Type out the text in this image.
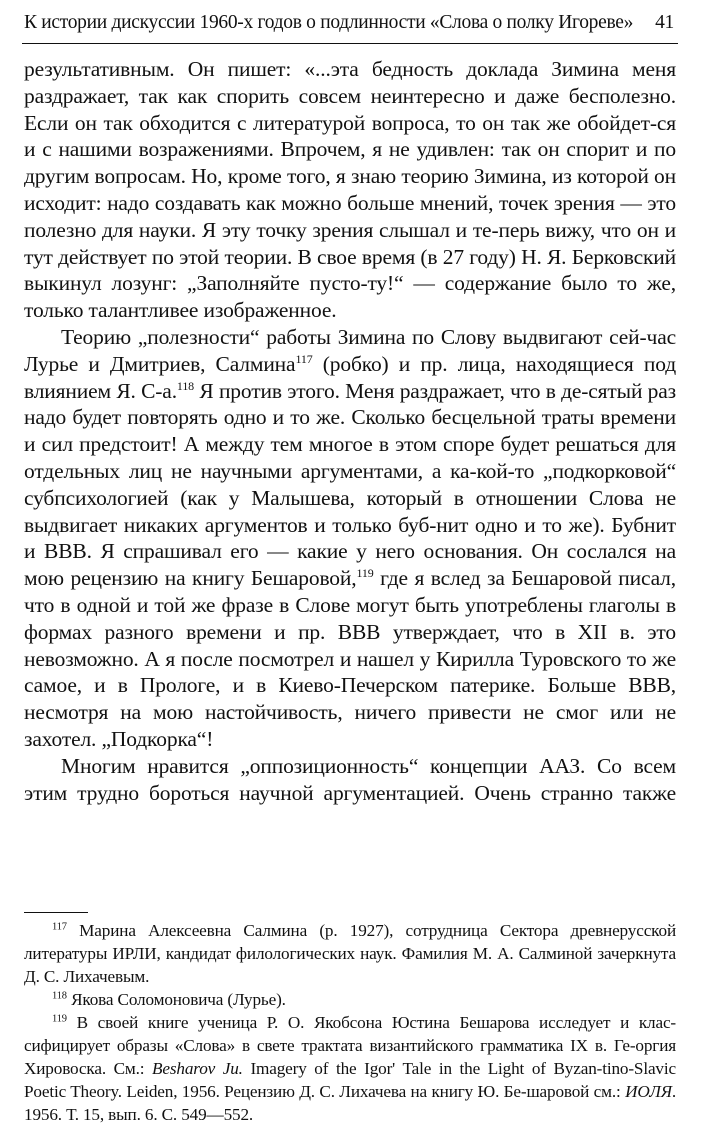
К истории дискуссии 1960-х годов о подлинности «Слова о полку Игореве» 41

результативным. Он пишет: «...эта бедность доклада Зимина меня раздражает, так как спорить совсем неинтересно и даже бесполезно. Если он так обходится с литературой вопроса, то он так же обойдет-ся и с нашими возражениями. Впрочем, я не удивлен: так он спорит и по другим вопросам. Но, кроме того, я знаю теорию Зимина, из которой он исходит: надо создавать как можно больше мнений, точек зрения — это полезно для науки. Я эту точку зрения слышал и те-перь вижу, что он и тут действует по этой теории. В свое время (в 27 году) Н. Я. Берковский выкинул лозунг: „Заполняйте пусто-ту!“ — содержание было то же, только талантливее изображенное.

Теорию „полезности“ работы Зимина по Слову выдвигают сей-час Лурье и Дмитриев, Салмина$^{117}$ (робко) и пр. лица, находящиеся под влиянием Я. С-а.$^{118}$ Я против этого. Меня раздражает, что в де-сятый раз надо будет повторять одно и то же. Сколько бесцельной траты времени и сил предстоит! А между тем многое в этом споре будет решаться для отдельных лиц не научными аргументами, а ка-кой-то „подкорковой“ субпсихологией (как у Малышева, который в отношении Слова не выдвигает никаких аргументов и только буб-нит одно и то же). Бубнит и ВВВ. Я спрашивал его — какие у него основания. Он сослался на мою рецензию на книгу Бешаровой,$^{119}$ где я вслед за Бешаровой писал, что в одной и той же фразе в Слове могут быть употреблены глаголы в формах разного времени и пр. ВВВ утверждает, что в XII в. это невозможно. А я после посмотрел и нашел у Кирилла Туровского то же самое, и в Прологе, и в Киево-Печерском патерике. Больше ВВВ, несмотря на мою настойчивость, ничего привести не смог или не захотел. „Подкорка“!

Многим нравится „оппозиционность“ концепции ААЗ. Со всем этим трудно бороться научной аргументацией. Очень странно также

$^{117}$ Марина Алексеевна Салмина (р. 1927), сотрудница Сектора древнерусской литературы ИРЛИ, кандидат филологических наук. Фамилия М. А. Салминой зачеркнута Д. С. Лихачевым.

$^{118}$ Якова Соломоновича (Лурье).

$^{119}$ В своей книге ученица Р. О. Якобсона Юстина Бешарова исследует и клас-сифицирует образы «Слова» в свете трактата византийского грамматика IX в. Ге-оргия Хировоска. См.: Besharov Ju. Imagery of the Igor' Tale in the Light of Byzan-tino-Slavic Poetic Theory. Leiden, 1956. Рецензию Д. С. Лихачева на книгу Ю. Бе-шаровой см.: ИОЛЯ. 1956. Т. 15, вып. 6. С. 549—552.
